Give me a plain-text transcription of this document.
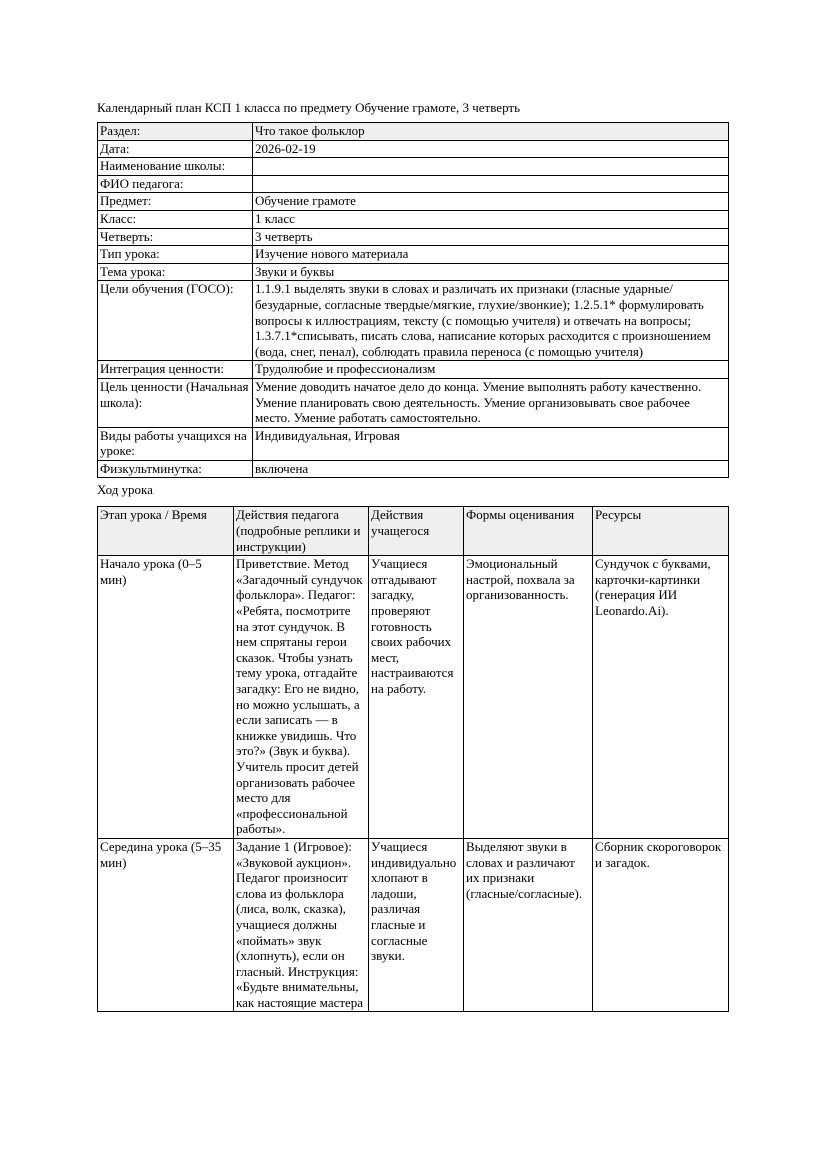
Календарный план КСП 1 класса по предмету Обучение грамоте, 3 четверть

Раздел:	Что такое фольклор
Дата:	2026-02-19
Наименование школы:	
ФИО педагога:	
Предмет:	Обучение грамоте
Класс:	1 класс
Четверть:	3 четверть
Тип урока:	Изучение нового материала
Тема урока:	Звуки и буквы
Цели обучения (ГОСО):	1.1.9.1 выделять звуки в словах и различать их признаки (гласные ударные/безударные, согласные твердые/мягкие, глухие/звонкие); 1.2.5.1* формулировать вопросы к иллюстрациям, тексту (с помощью учителя) и отвечать на вопросы; 1.3.7.1*списывать, писать слова, написание которых расходится с произношением (вода, снег, пенал), соблюдать правила переноса (с помощью учителя)
Интеграция ценности:	Трудолюбие и профессионализм
Цель ценности (Начальная школа):	Умение доводить начатое дело до конца. Умение выполнять работу качественно. Умение планировать свою деятельность. Умение организовывать свое рабочее место. Умение работать самостоятельно.
Виды работы учащихся на уроке:	Индивидуальная, Игровая
Физкультминутка:	включена

Ход урока

Этап урока / Время	Действия педагога (подробные реплики и инструкции)	Действия учащегося	Формы оценивания	Ресурсы
Начало урока (0–5 мин)	Приветствие. Метод «Загадочный сундучок фольклора». Педагог: «Ребята, посмотрите на этот сундучок. В нем спрятаны герои сказок. Чтобы узнать тему урока, отгадайте загадку: Его не видно, но можно услышать, а если записать — в книжке увидишь. Что это?» (Звук и буква). Учитель просит детей организовать рабочее место для «профессиональной работы».	Учащиеся отгадывают загадку, проверяют готовность своих рабочих мест, настраиваются на работу.	Эмоциональный настрой, похвала за организованность.	Сундучок с буквами, карточки-картинки (генерация ИИ Leonardo.Ai).
Середина урока (5–35 мин)	Задание 1 (Игровое): «Звуковой аукцион». Педагог произносит слова из фольклора (лиса, волк, сказка), учащиеся должны «поймать» звук (хлопнуть), если он гласный. Инструкция: «Будьте внимательны, как настоящие мастера	Учащиеся индивидуально хлопают в ладоши, различая гласные и согласные звуки.	Выделяют звуки в словах и различают их признаки (гласные/согласные).	Сборник скороговорок и загадок.
